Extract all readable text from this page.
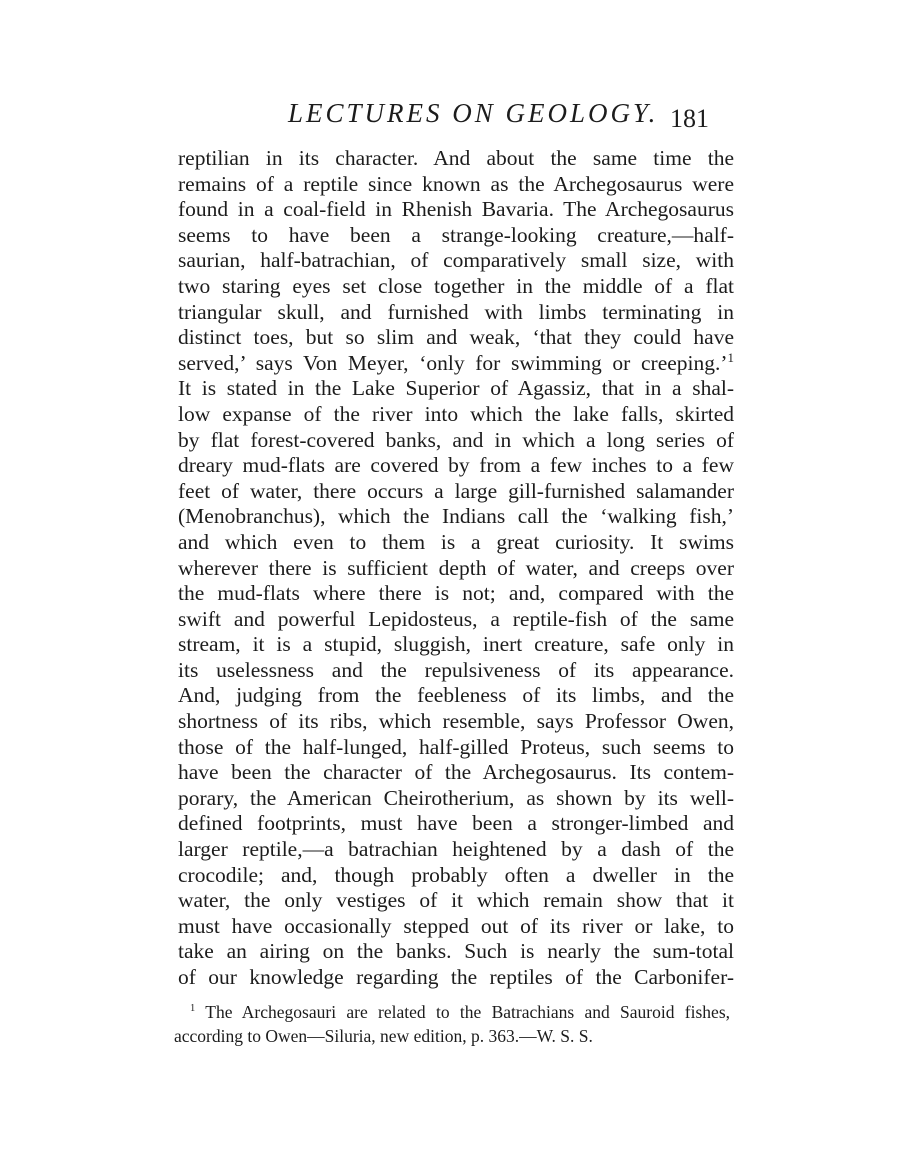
LECTURES ON GEOLOGY. 181
reptilian in its character. And about the same time the
remains of a reptile since known as the Archegosaurus were
found in a coal-field in Rhenish Bavaria. The Archegosaurus
seems to have been a strange-looking creature,—half-
saurian, half-batrachian, of comparatively small size, with
two staring eyes set close together in the middle of a flat
triangular skull, and furnished with limbs terminating in
distinct toes, but so slim and weak, ‘that they could have
served,’ says Von Meyer, ‘only for swimming or creeping.’$^1$
It is stated in the Lake Superior of Agassiz, that in a shal-
low expanse of the river into which the lake falls, skirted
by flat forest-covered banks, and in which a long series of
dreary mud-flats are covered by from a few inches to a few
feet of water, there occurs a large gill-furnished salamander
(Menobranchus), which the Indians call the ‘walking fish,’
and which even to them is a great curiosity. It swims
wherever there is sufficient depth of water, and creeps over
the mud-flats where there is not; and, compared with the
swift and powerful Lepidosteus, a reptile-fish of the same
stream, it is a stupid, sluggish, inert creature, safe only in
its uselessness and the repulsiveness of its appearance.
And, judging from the feebleness of its limbs, and the
shortness of its ribs, which resemble, says Professor Owen,
those of the half-lunged, half-gilled Proteus, such seems to
have been the character of the Archegosaurus. Its contem-
porary, the American Cheirotherium, as shown by its well-
defined footprints, must have been a stronger-limbed and
larger reptile,—a batrachian heightened by a dash of the
crocodile; and, though probably often a dweller in the
water, the only vestiges of it which remain show that it
must have occasionally stepped out of its river or lake, to
take an airing on the banks. Such is nearly the sum-total
of our knowledge regarding the reptiles of the Carbonifer-
$^1$ The Archegosauri are related to the Batrachians and Sauroid fishes,
according to Owen—Siluria, new edition, p. 363.—W. S. S.
